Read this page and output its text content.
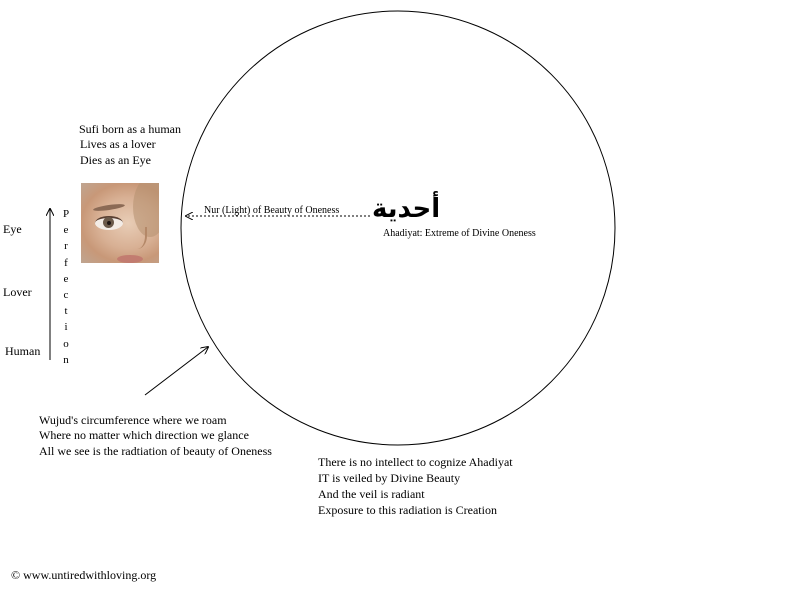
Sufi born as a human
Lives as a lover
Dies as an Eye
Eye
Lover
Human
P
e
r
f
e
c
t
i
o
n
Nur (Light) of Beauty of Oneness أحدية
Ahadiyat: Extreme of Divine Oneness
Wujud's circumference where we roam
Where no matter which direction we glance
All we see is the radtiation of beauty of Oneness
There is no intellect to cognize Ahadiyat
IT is veiled by Divine Beauty
And the veil is radiant
Exposure to this radiation is Creation
© www.untiredwithloving.org
